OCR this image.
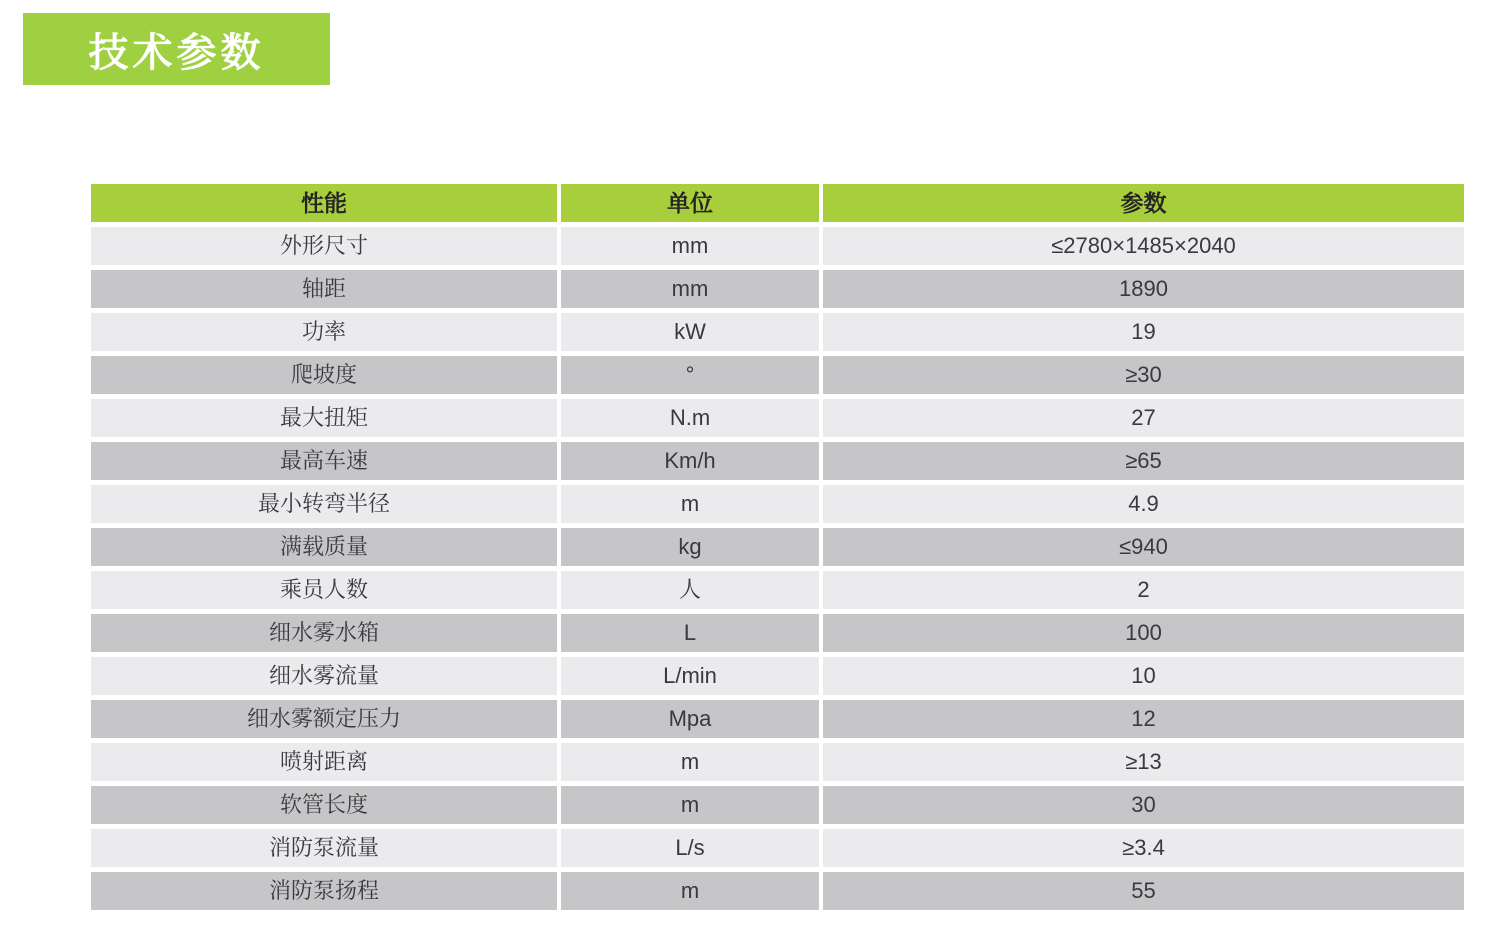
技术参数
性能	单位	参数
外形尺寸	mm	≤2780×1485×2040
轴距	mm	1890
功率	kW	19
爬坡度	°	≥30
最大扭矩	N.m	27
最高车速	Km/h	≥65
最小转弯半径	m	4.9
满载质量	kg	≤940
乘员人数	人	2
细水雾水箱	L	100
细水雾流量	L/min	10
细水雾额定压力	Mpa	12
喷射距离	m	≥13
软管长度	m	30
消防泵流量	L/s	≥3.4
消防泵扬程	m	55
